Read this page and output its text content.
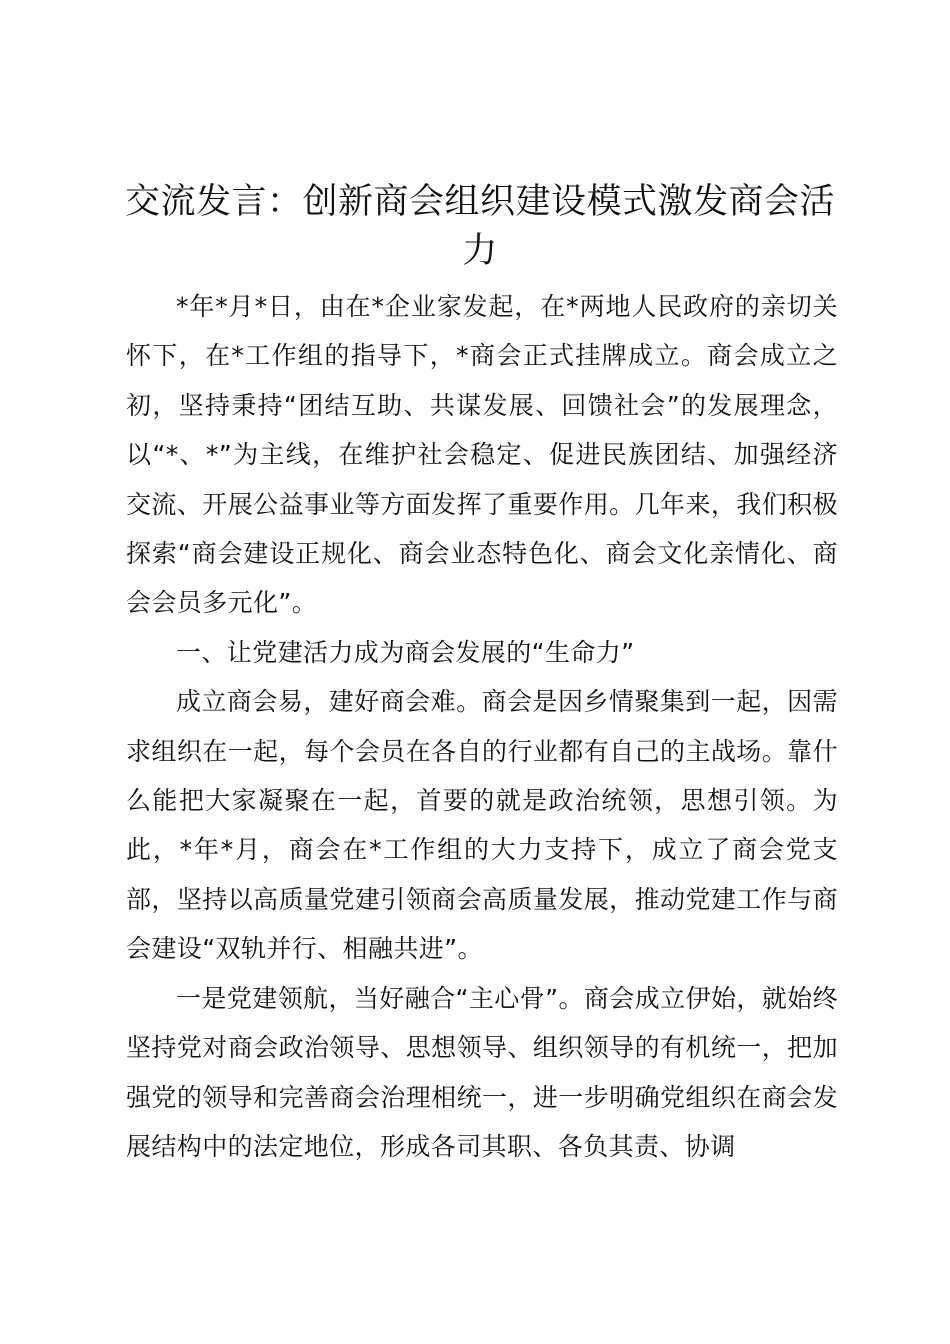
交流发言：创新商会组织建设模式激发商会活力

*年*月*日，由在*企业家发起，在*两地人民政府的亲切关怀下，在*工作组的指导下，*商会正式挂牌成立。商会成立之初，坚持秉持“团结互助、共谋发展、回馈社会”的发展理念，以“*、*”为主线，在维护社会稳定、促进民族团结、加强经济交流、开展公益事业等方面发挥了重要作用。几年来，我们积极探索“商会建设正规化、商会业态特色化、商会文化亲情化、商会会员多元化”。

一、让党建活力成为商会发展的“生命力”

成立商会易，建好商会难。商会是因乡情聚集到一起，因需求组织在一起，每个会员在各自的行业都有自己的主战场。靠什么能把大家凝聚在一起，首要的就是政治统领，思想引领。为此，*年*月，商会在*工作组的大力支持下，成立了商会党支部，坚持以高质量党建引领商会高质量发展，推动党建工作与商会建设“双轨并行、相融共进”。

一是党建领航，当好融合“主心骨”。商会成立伊始，就始终坚持党对商会政治领导、思想领导、组织领导的有机统一，把加强党的领导和完善商会治理相统一，进一步明确党组织在商会发展结构中的法定地位，形成各司其职、各负其责、协调
